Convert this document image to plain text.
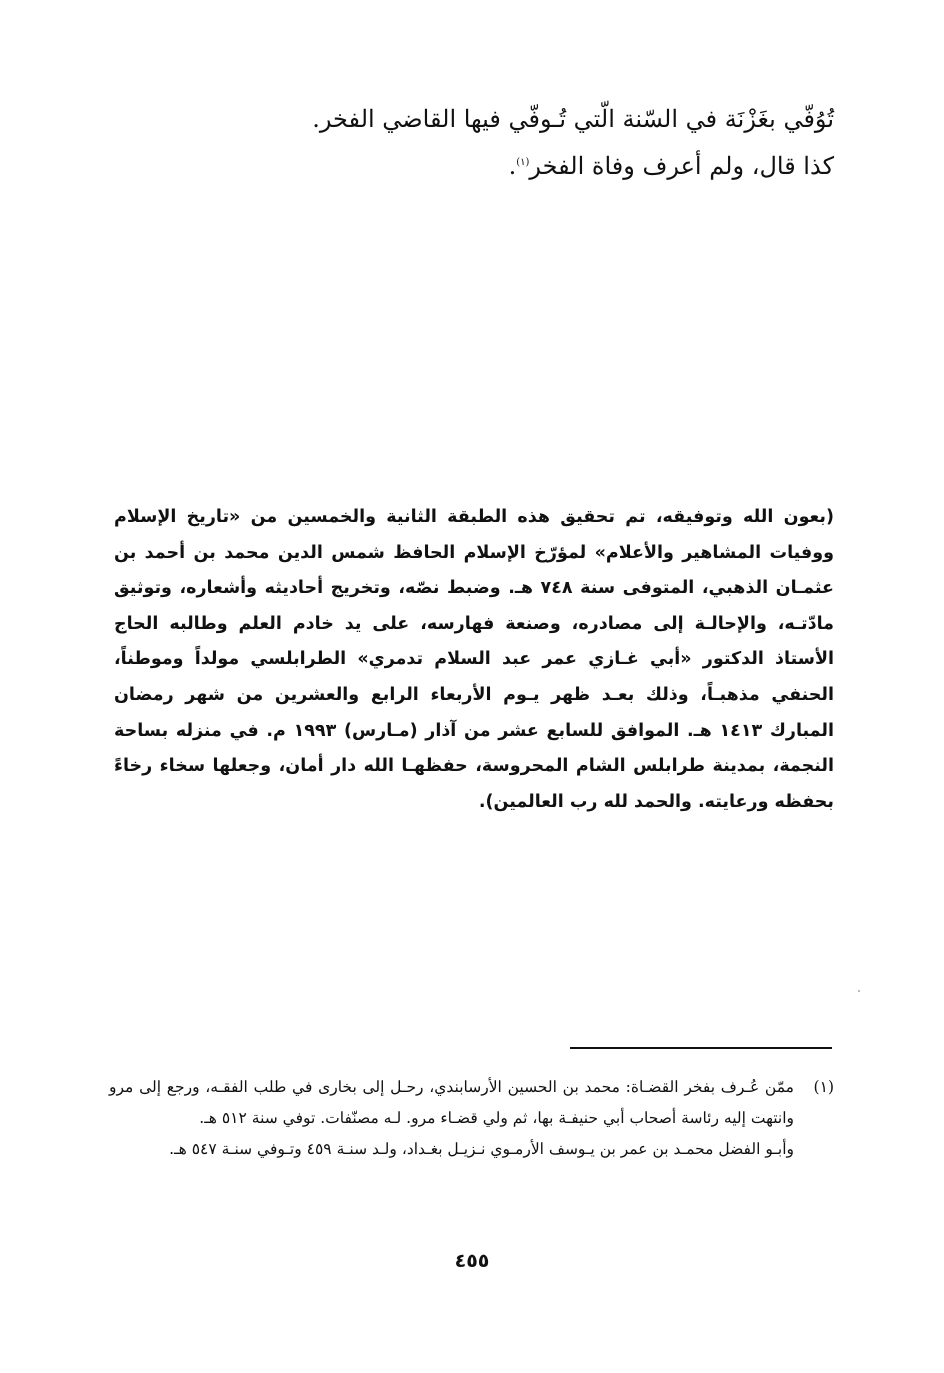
تُوُفّي بغَزْنَة في السّنة الّتي تُـوفّي فيها القاضي الفخر.
كذا قال، ولم أعرف وفاة الفخر$^{(١)}$.

(بعون الله وتوفيقه، تم تحقيق هذه الطبقة الثانية والخمسين من «تاريخ الإسلام ووفيات المشاهير والأعلام» لمؤرّخ الإسلام الحافظ شمس الدين محمد بن أحمد بن عثمـان الذهبي، المتوفى سنة ٧٤٨ هـ. وضبط نصّه، وتخريج أحاديثه وأشعاره، وتوثيق مادّتـه، والإحالـة إلى مصادره، وصنعة فهارسه، على يد خادم العلم وطالبه الحاج الأستاذ الدكتور «أبي غـازي عمر عبد السلام تدمري» الطرابلسي مولداً وموطناً، الحنفي مذهبـاً، وذلك بعـد ظهر يـوم الأربعاء الرابع والعشرين من شهر رمضان المبارك ١٤١٣ هـ. الموافق للسابع عشر من آذار (مـارس) ١٩٩٣ م. في منزله بساحة النجمة، بمدينة طرابلس الشام المحروسة، حفظهـا الله دار أمان، وجعلها سخاء رخاءً بحفظه ورعايته. والحمد لله رب العالمين).

(١)

ممّن عُـرف بفخر القضـاة: محمد بن الحسين الأرسابندي، رحـل إلى بخارى في طلب الفقـه، ورجع إلى مرو وانتهت إليه رئاسة أصحاب أبي حنيفـة بها، ثم ولي قضـاء مرو. لـه مصنّفات. توفي سنة ٥١٢ هـ.

وأبـو الفضل محمـد بن عمر بن يـوسف الأرمـوي نـزيـل بغـداد، ولـد سنـة ٤٥٩ وتـوفي سنـة ٥٤٧ هـ.

٤٥٥
